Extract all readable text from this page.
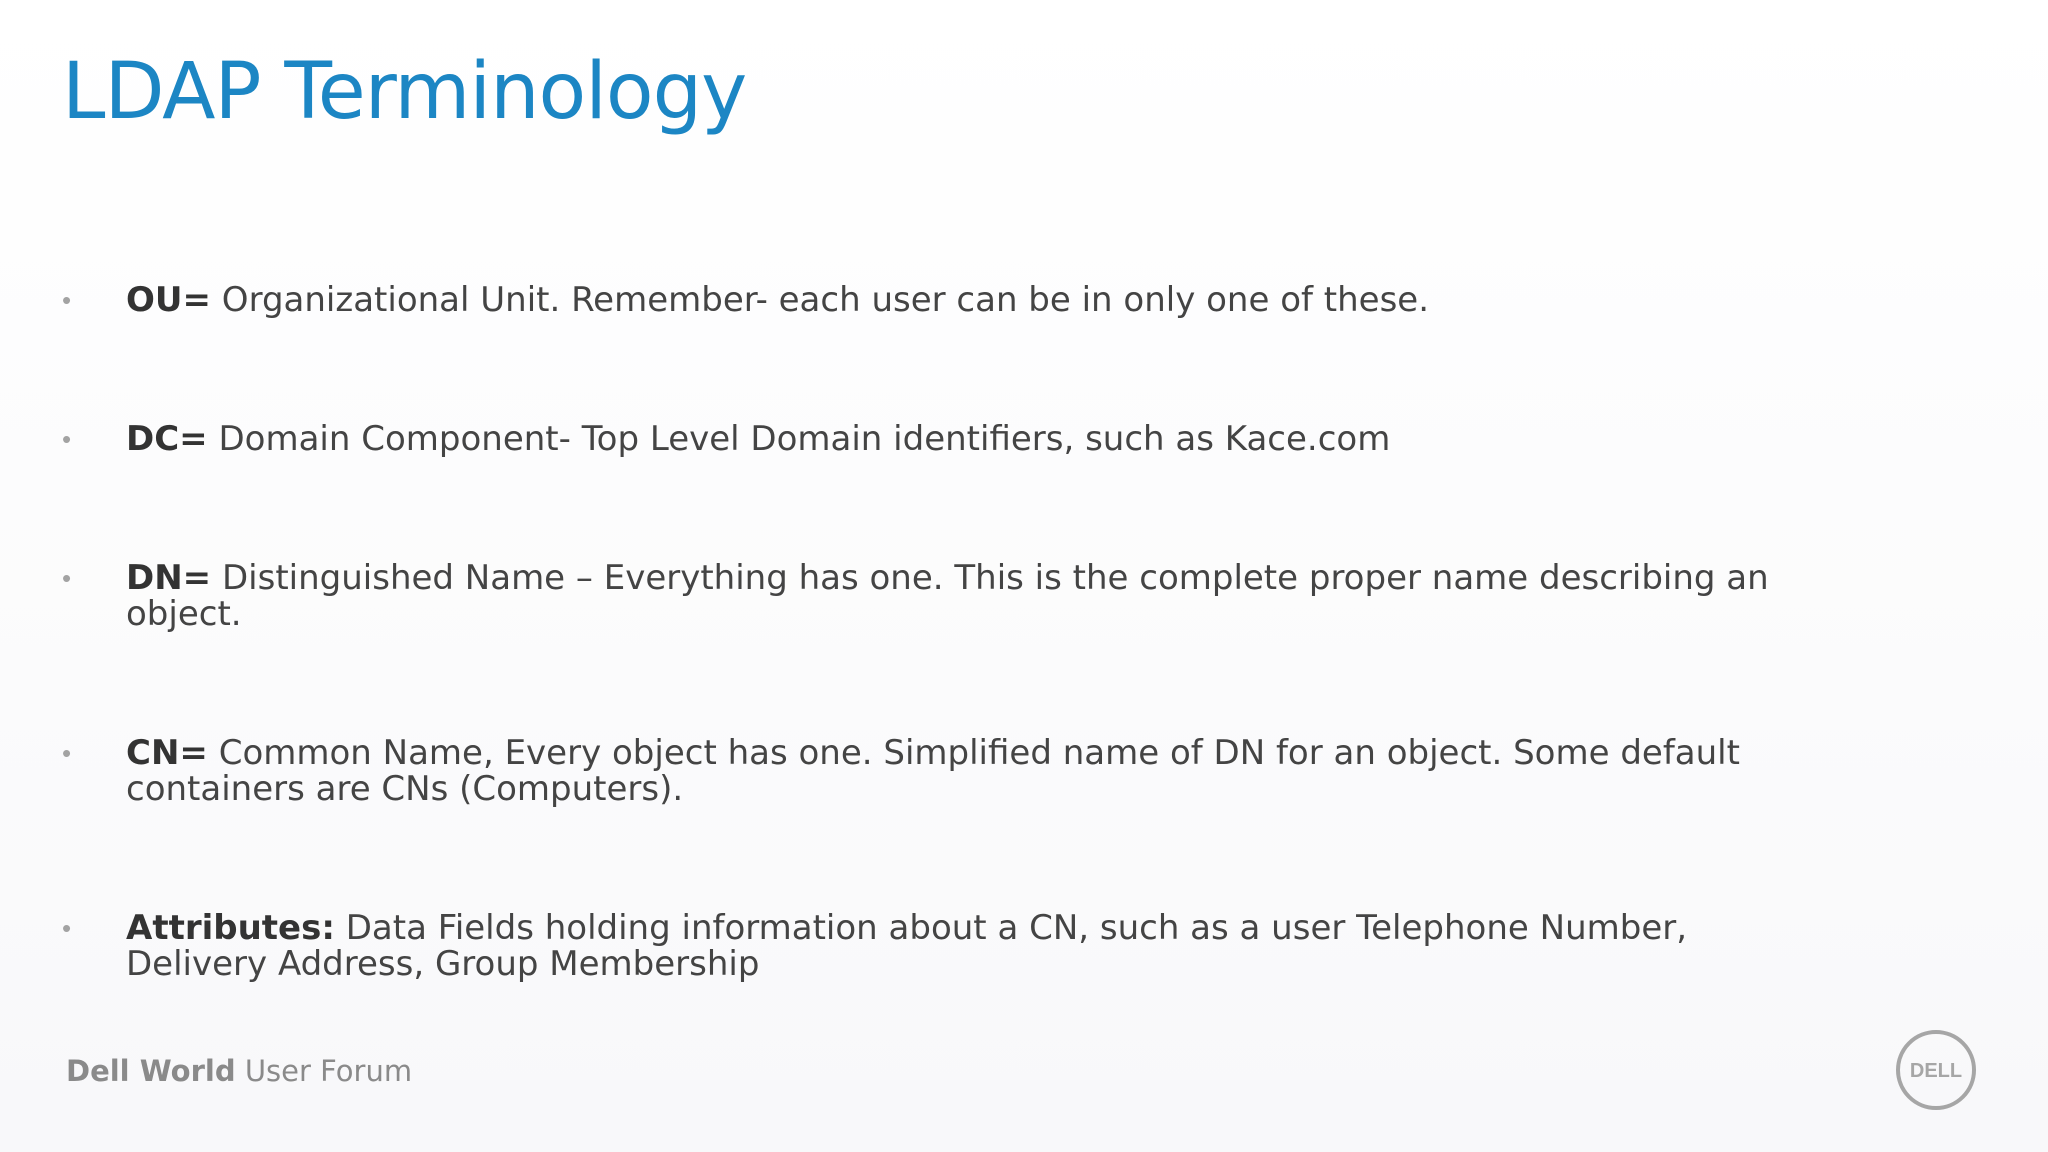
LDAP Terminology
•	OU= Organizational Unit. Remember- each user can be in only one of these.
•	DC= Domain Component- Top Level Domain identifiers, such as Kace.com
•	DN= Distinguished Name – Everything has one. This is the complete proper name describing an object.
•	CN= Common Name, Every object has one. Simplified name of DN for an object. Some default containers are CNs (Computers).
•	Attributes: Data Fields holding information about a CN, such as a user Telephone Number, Delivery Address, Group Membership
Dell World User Forum	DELL
